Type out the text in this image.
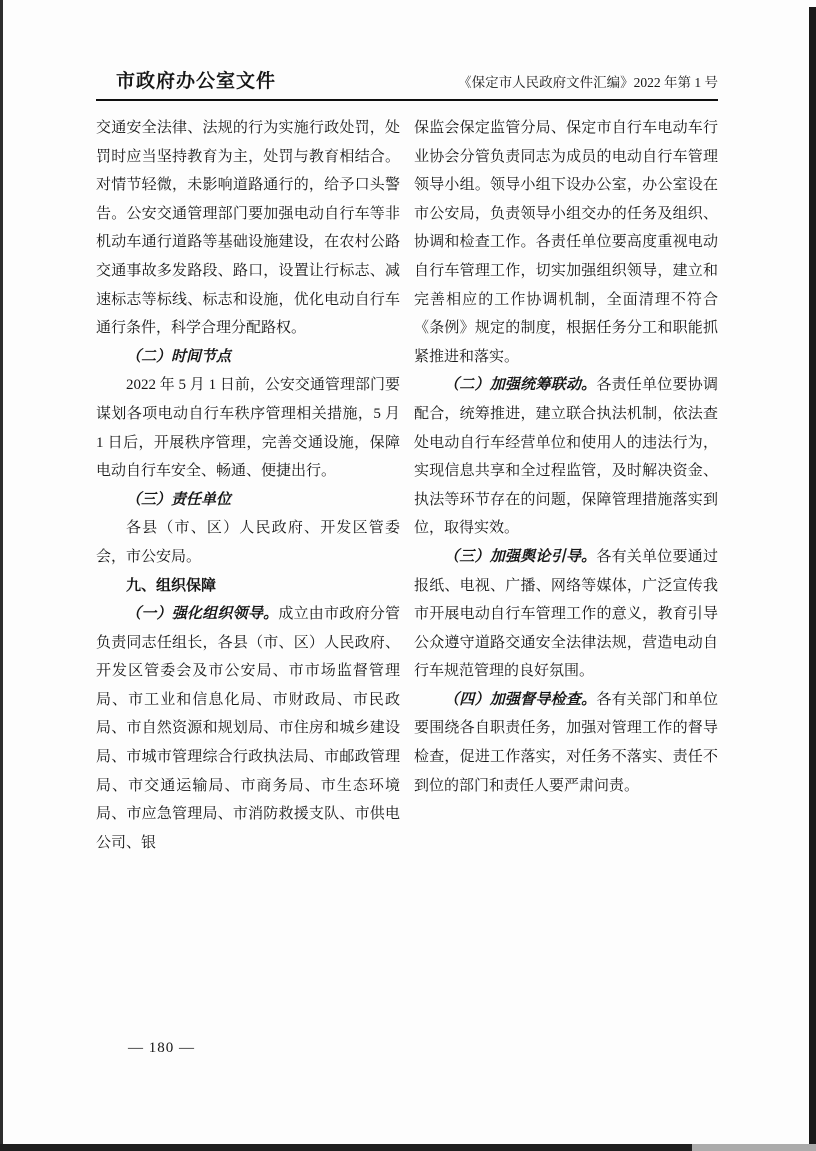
市政府办公室文件	《保定市人民政府文件汇编》2022 年第 1 号

交通安全法律、法规的行为实施行政处罚，处罚时应当坚持教育为主，处罚与教育相结合。对情节轻微，未影响道路通行的，给予口头警告。公安交通管理部门要加强电动自行车等非机动车通行道路等基础设施建设，在农村公路交通事故多发路段、路口，设置让行标志、减速标志等标线、标志和设施，优化电动自行车通行条件，科学合理分配路权。

（二）时间节点

2022 年 5 月 1 日前，公安交通管理部门要谋划各项电动自行车秩序管理相关措施，5 月 1 日后，开展秩序管理，完善交通设施，保障电动自行车安全、畅通、便捷出行。

（三）责任单位

各县（市、区）人民政府、开发区管委会，市公安局。

九、组织保障

（一）强化组织领导。成立由市政府分管负责同志任组长，各县（市、区）人民政府、开发区管委会及市公安局、市市场监督管理局、市工业和信息化局、市财政局、市民政局、市自然资源和规划局、市住房和城乡建设局、市城市管理综合行政执法局、市邮政管理局、市交通运输局、市商务局、市生态环境局、市应急管理局、市消防救援支队、市供电公司、银

保监会保定监管分局、保定市自行车电动车行业协会分管负责同志为成员的电动自行车管理领导小组。领导小组下设办公室，办公室设在市公安局，负责领导小组交办的任务及组织、协调和检查工作。各责任单位要高度重视电动自行车管理工作，切实加强组织领导，建立和完善相应的工作协调机制，全面清理不符合《条例》规定的制度，根据任务分工和职能抓紧推进和落实。

（二）加强统筹联动。各责任单位要协调配合，统筹推进，建立联合执法机制，依法查处电动自行车经营单位和使用人的违法行为，实现信息共享和全过程监管，及时解决资金、执法等环节存在的问题，保障管理措施落实到位，取得实效。

（三）加强舆论引导。各有关单位要通过报纸、电视、广播、网络等媒体，广泛宣传我市开展电动自行车管理工作的意义，教育引导公众遵守道路交通安全法律法规，营造电动自行车规范管理的良好氛围。

（四）加强督导检查。各有关部门和单位要围绕各自职责任务，加强对管理工作的督导检查，促进工作落实，对任务不落实、责任不到位的部门和责任人要严肃问责。

— 180 —
